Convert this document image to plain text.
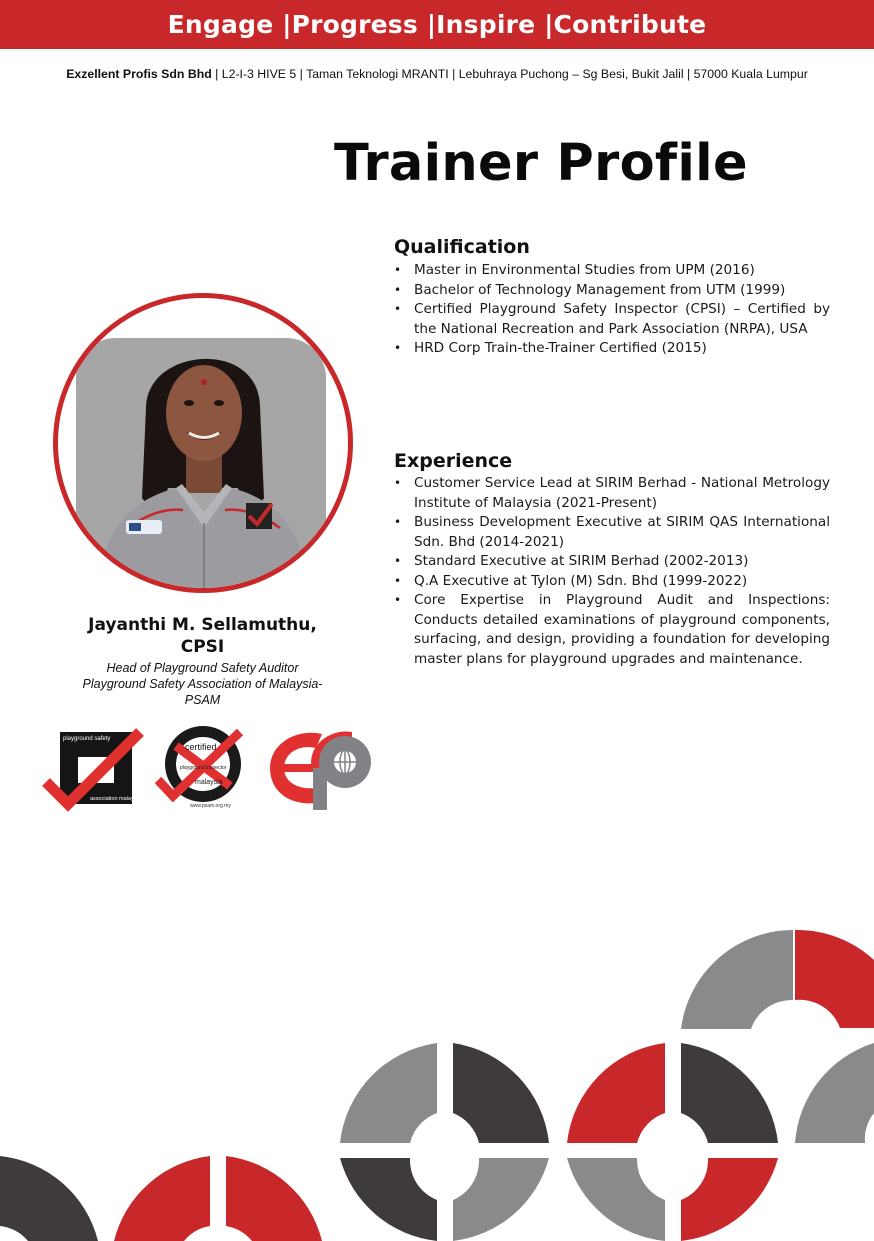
Engage |Progress |Inspire |Contribute
Exzellent Profis Sdn Bhd | L2-I-3 HIVE 5 | Taman Teknologi MRANTI | Lebuhraya Puchong – Sg Besi, Bukit Jalil | 57000 Kuala Lumpur
Trainer Profile
Qualification
• Master in Environmental Studies from UPM (2016)
• Bachelor of Technology Management from UTM (1999)
• Certified Playground Safety Inspector (CPSI) – Certified by the National Recreation and Park Association (NRPA), USA
• HRD Corp Train-the-Trainer Certified (2015)
Experience
• Customer Service Lead at SIRIM Berhad - National Metrology Institute of Malaysia (2021-Present)
• Business Development Executive at SIRIM QAS International Sdn. Bhd (2014-2021)
• Standard Executive at SIRIM Berhad (2002-2013)
• Q.A Executive at Tylon (M) Sdn. Bhd (1999-2022)
• Core Expertise in Playground Audit and Inspections: Conducts detailed examinations of playground components, surfacing, and design, providing a foundation for developing master plans for playground upgrades and maintenance.
Jayanthi M. Sellamuthu,
CPSI
Head of Playground Safety Auditor
Playground Safety Association of Malaysia-
PSAM
playground safety
association malaysia
certified
playground inspector
malaysia
www.psam.org.my
